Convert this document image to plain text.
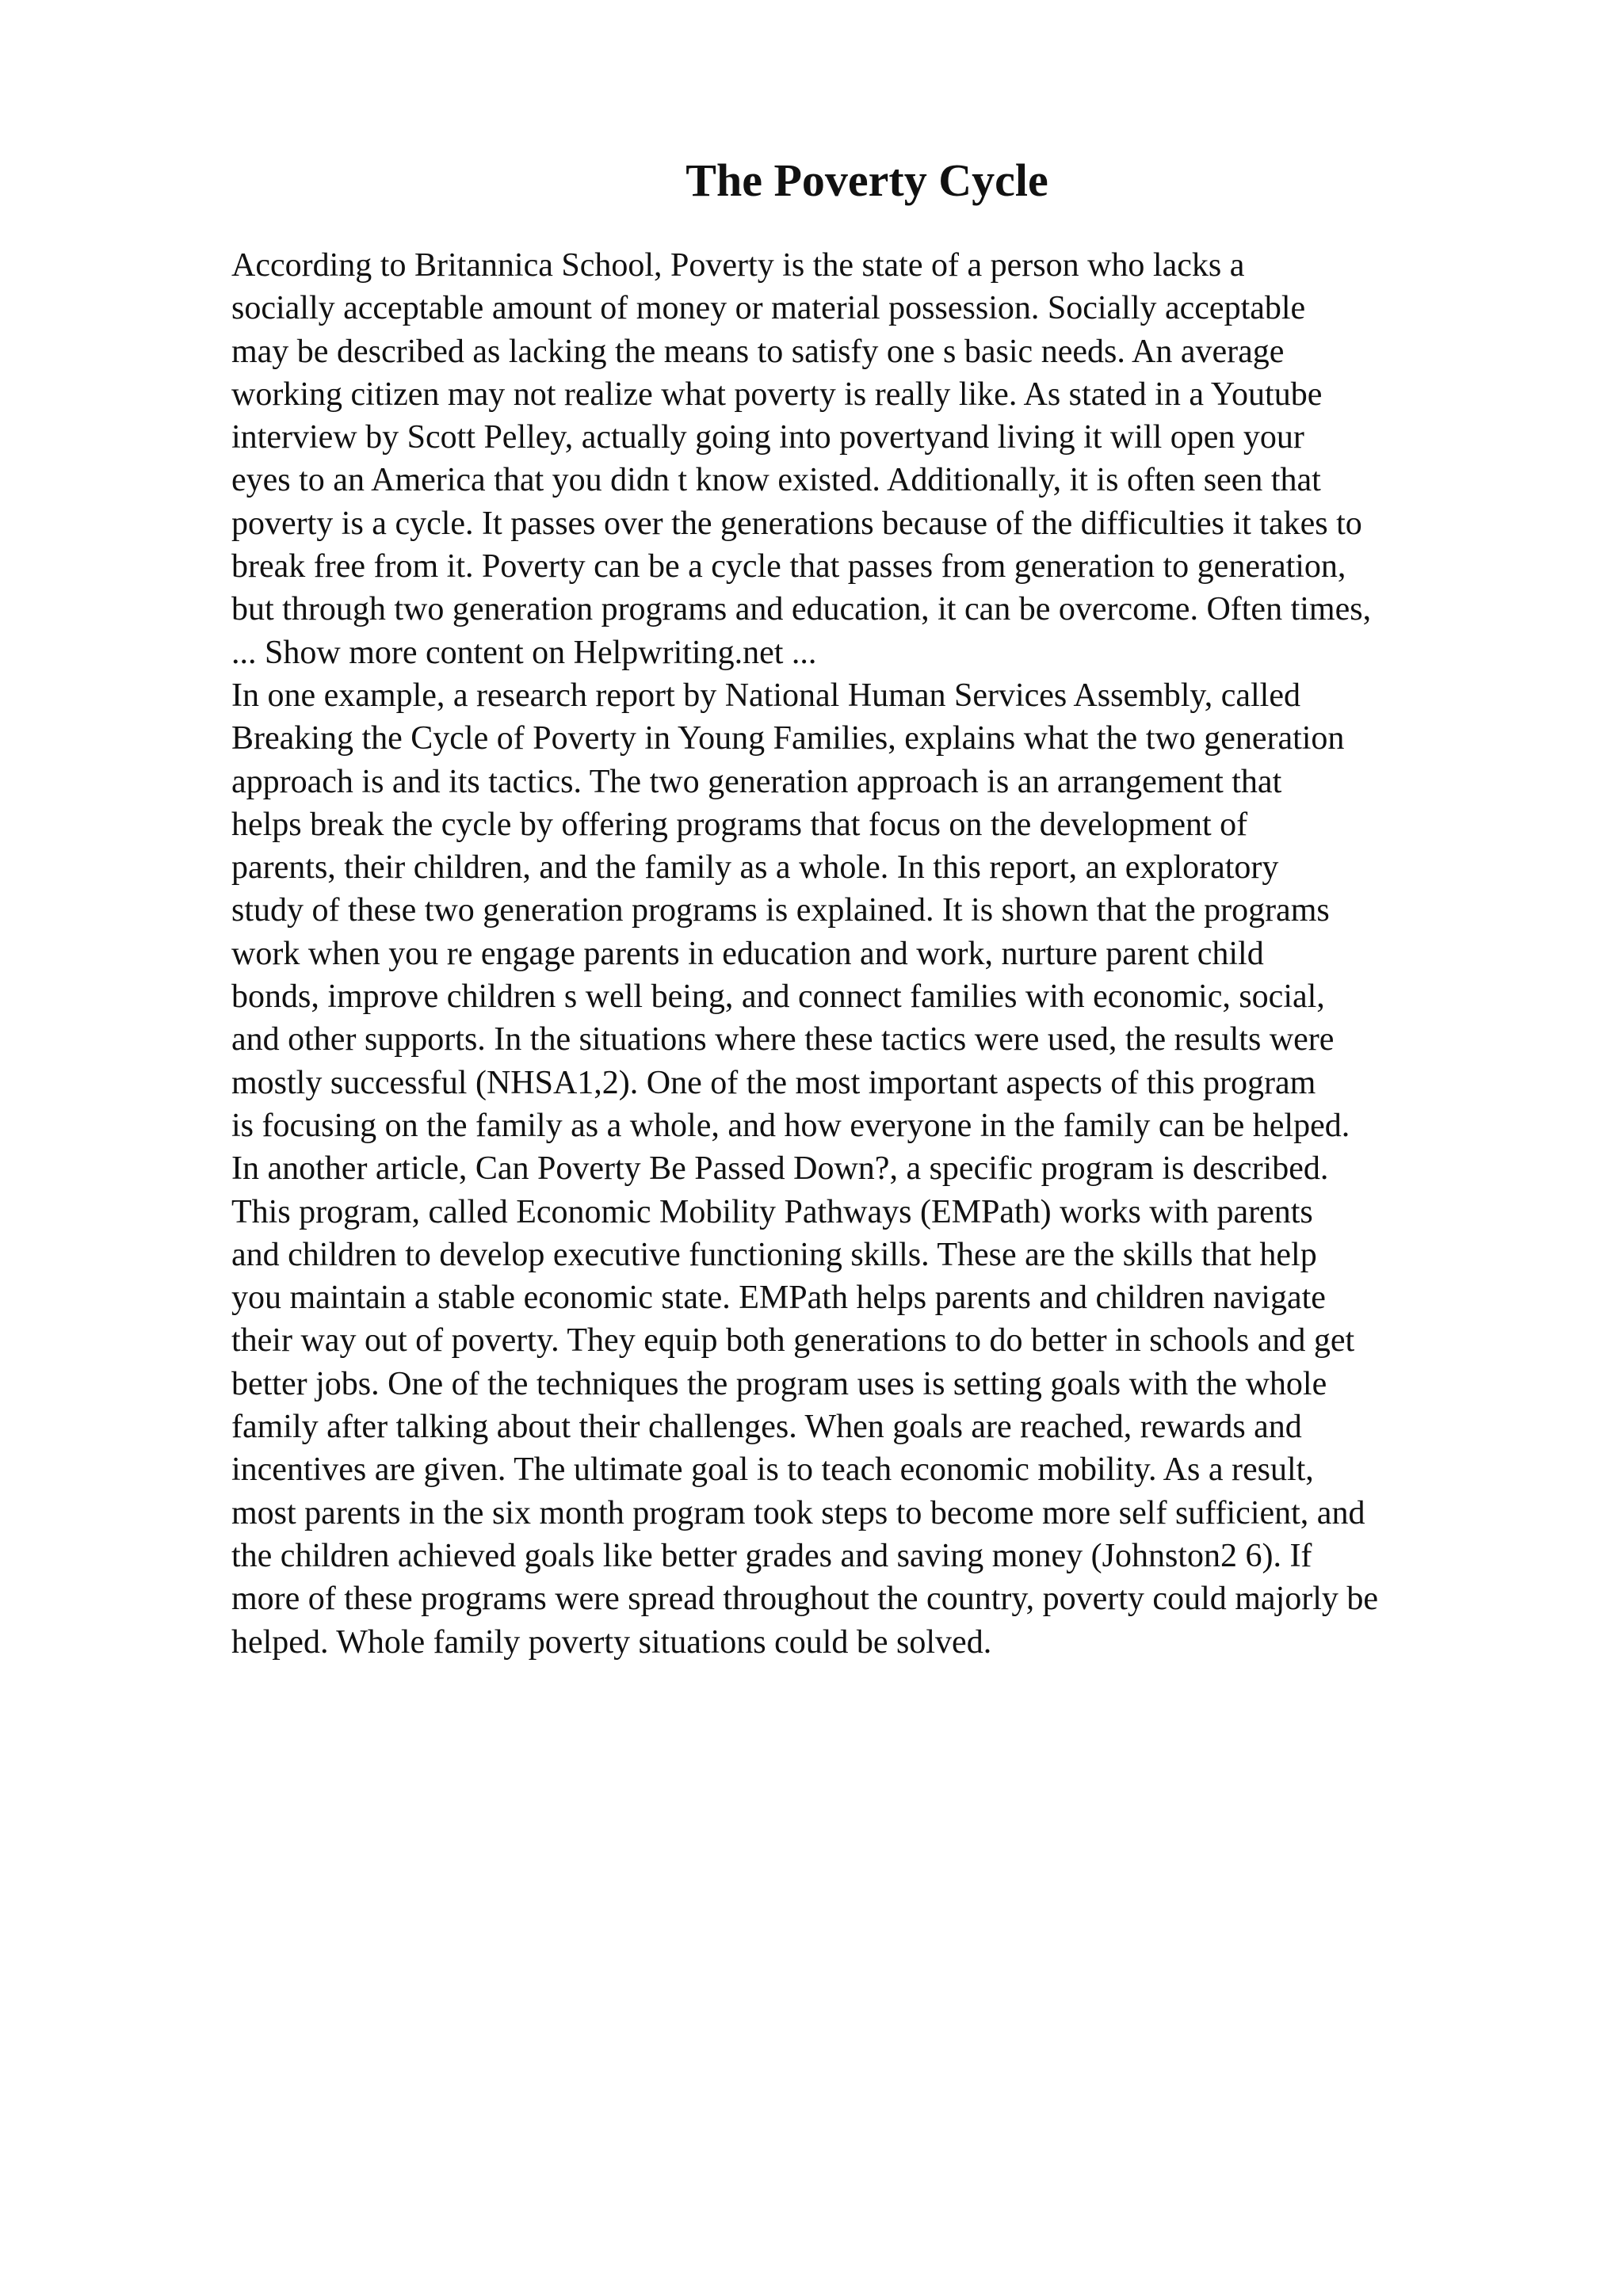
The Poverty Cycle
According to Britannica School, Poverty is the state of a person who lacks a
socially acceptable amount of money or material possession. Socially acceptable
may be described as lacking the means to satisfy one s basic needs. An average
working citizen may not realize what poverty is really like. As stated in a Youtube
interview by Scott Pelley, actually going into povertyand living it will open your
eyes to an America that you didn t know existed. Additionally, it is often seen that
poverty is a cycle. It passes over the generations because of the difficulties it takes to
break free from it. Poverty can be a cycle that passes from generation to generation,
but through two generation programs and education, it can be overcome. Often times,
... Show more content on Helpwriting.net ...
In one example, a research report by National Human Services Assembly, called
Breaking the Cycle of Poverty in Young Families, explains what the two generation
approach is and its tactics. The two generation approach is an arrangement that
helps break the cycle by offering programs that focus on the development of
parents, their children, and the family as a whole. In this report, an exploratory
study of these two generation programs is explained. It is shown that the programs
work when you re engage parents in education and work, nurture parent child
bonds, improve children s well being, and connect families with economic, social,
and other supports. In the situations where these tactics were used, the results were
mostly successful (NHSA1,2). One of the most important aspects of this program
is focusing on the family as a whole, and how everyone in the family can be helped.
In another article, Can Poverty Be Passed Down?, a specific program is described.
This program, called Economic Mobility Pathways (EMPath) works with parents
and children to develop executive functioning skills. These are the skills that help
you maintain a stable economic state. EMPath helps parents and children navigate
their way out of poverty. They equip both generations to do better in schools and get
better jobs. One of the techniques the program uses is setting goals with the whole
family after talking about their challenges. When goals are reached, rewards and
incentives are given. The ultimate goal is to teach economic mobility. As a result,
most parents in the six month program took steps to become more self sufficient, and
the children achieved goals like better grades and saving money (Johnston2 6). If
more of these programs were spread throughout the country, poverty could majorly be
helped. Whole family poverty situations could be solved.
